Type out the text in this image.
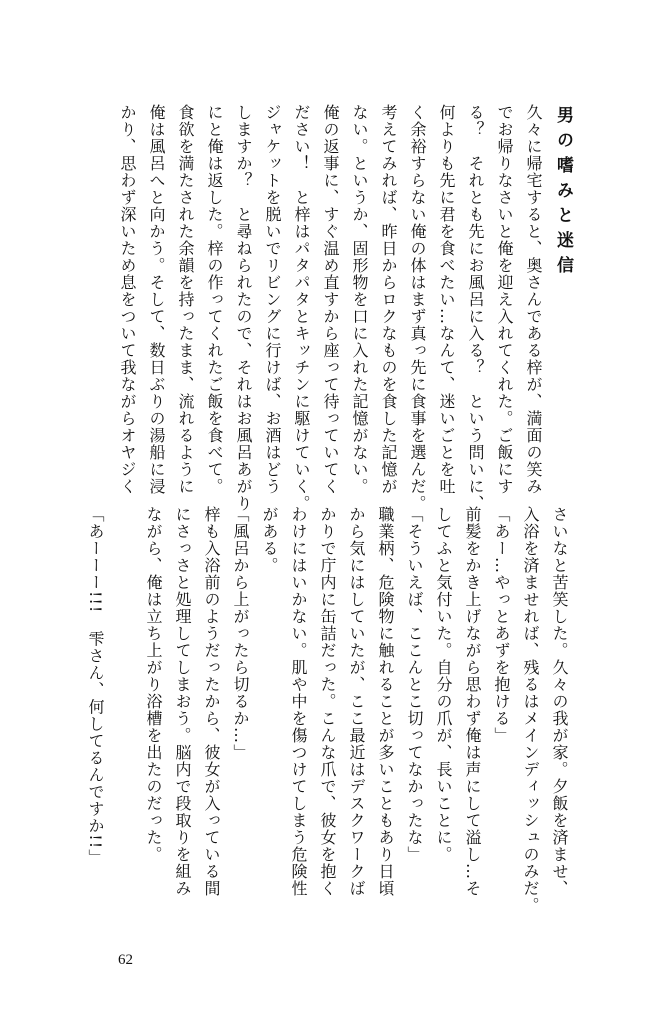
男の嗜みと迷信
久々に帰宅すると、奥さんである梓が、満面の笑み
でお帰りなさいと俺を迎え入れてくれた。ご飯にす
る？　それとも先にお風呂に入る？　という問いに、
何よりも先に君を食べたい…なんて、迷いごとを吐
く余裕すらない俺の体はまず真っ先に食事を選んだ。
考えてみれば、昨日からロクなものを食した記憶が
ない。というか、固形物を口に入れた記憶がない。
俺の返事に、すぐ温め直すから座って待っていてく
ださい！　と梓はパタパタとキッチンに駆けていく。
ジャケットを脱いでリビングに行けば、お酒はどう
しますか？　と尋ねられたので、それはお風呂あがり
にと俺は返した。梓の作ってくれたご飯を食べて。
食欲を満たされた余韻を持ったまま、流れるように
俺は風呂へと向かう。そして、数日ぶりの湯船に浸
かり、思わず深いため息をついて我ながらオヤジく
さいなと苦笑した。久々の我が家。夕飯を済ませ、
入浴を済ませれば、残るはメインディッシュのみだ。
「あー…やっとあずを抱ける」
前髪をかき上げながら思わず俺は声にして溢し…そ
してふと気付いた。自分の爪が、長いことに。
「そういえば、ここんとこ切ってなかったな」
職業柄、危険物に触れることが多いこともあり日頃
から気にはしていたが、ここ最近はデスクワークば
かりで庁内に缶詰だった。こんな爪で、彼女を抱く
わけにはいかない。肌や中を傷つけてしまう危険性
がある。
「風呂から上がったら切るか…」
梓も入浴前のようだったから、彼女が入っている間
にさっさと処理してしまおう。脳内で段取りを組み
ながら、俺は立ち上がり浴槽を出たのだった。
「あーーー!!!　雫さん、何してるんですか!!」
62
